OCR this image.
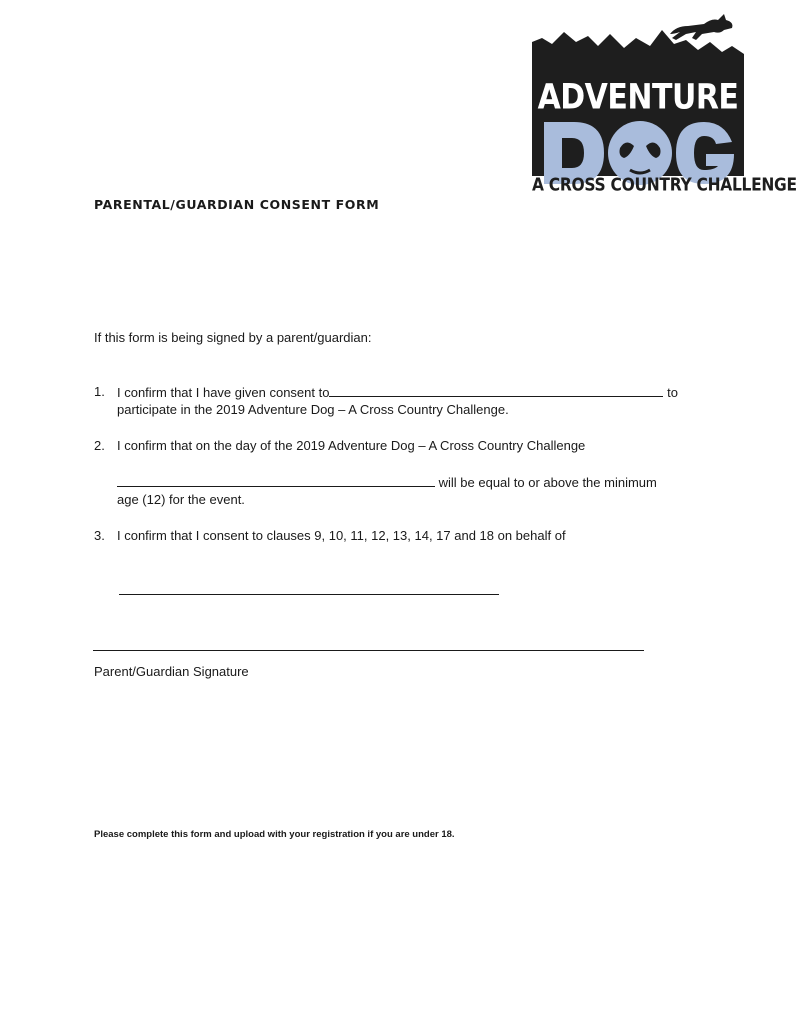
ADVENTURE
A CROSS COUNTRY CHALLENGE
PARENTAL/GUARDIAN CONSENT FORM
If this form is being signed by a parent/guardian:
1. I confirm that I have given consent to	to
participate in the 2019 Adventure Dog – A Cross Country Challenge.
2. I confirm that on the day of the 2019 Adventure Dog – A Cross Country Challenge
will be equal to or above the minimum
age (12) for the event.
3. I confirm that I consent to clauses 9, 10, 11, 12, 13, 14, 17 and 18 on behalf of
Parent/Guardian Signature
Please complete this form and upload with your registration if you are under 18.
